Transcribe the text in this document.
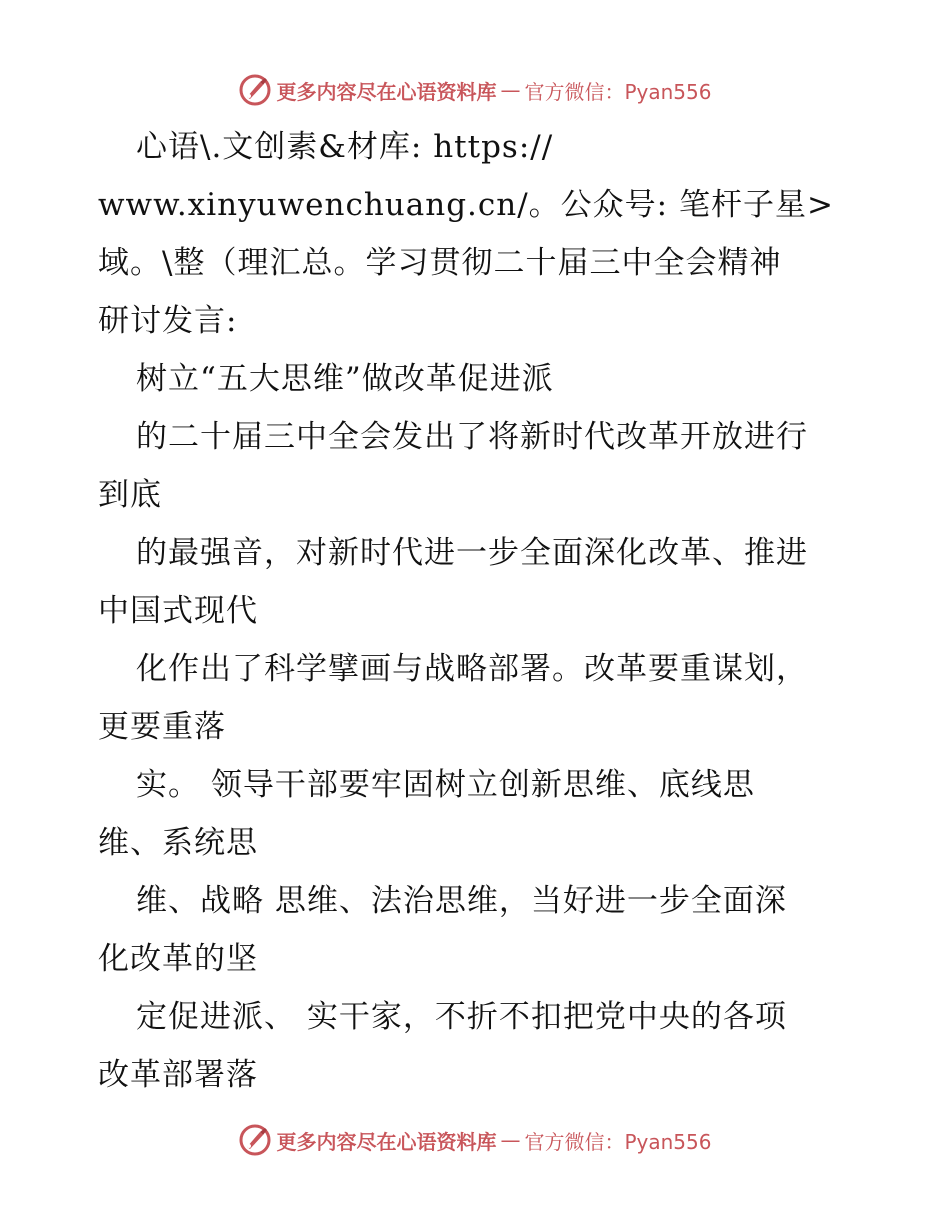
更多内容尽在心语资料库 — 官方微信：Pyan556
心语\.文创素&材库: https://
www.xinyuwenchuang.cn/。公众号: 笔杆子星>
域。\整（理汇总。学习贯彻二十届三中全会精神
研讨发言:
树立“五大思维”做改革促进派
的二十届三中全会发出了将新时代改革开放进行
到底
的最强音，对新时代进一步全面深化改革、推进
中国式现代
化作出了科学擘画与战略部署。改革要重谋划，
更要重落
实。 领导干部要牢固树立创新思维、底线思
维、系统思
维、战略 思维、法治思维，当好进一步全面深
化改革的坚
定促进派、 实干家，不折不扣把党中央的各项
改革部署落
更多内容尽在心语资料库 — 官方微信：Pyan556
